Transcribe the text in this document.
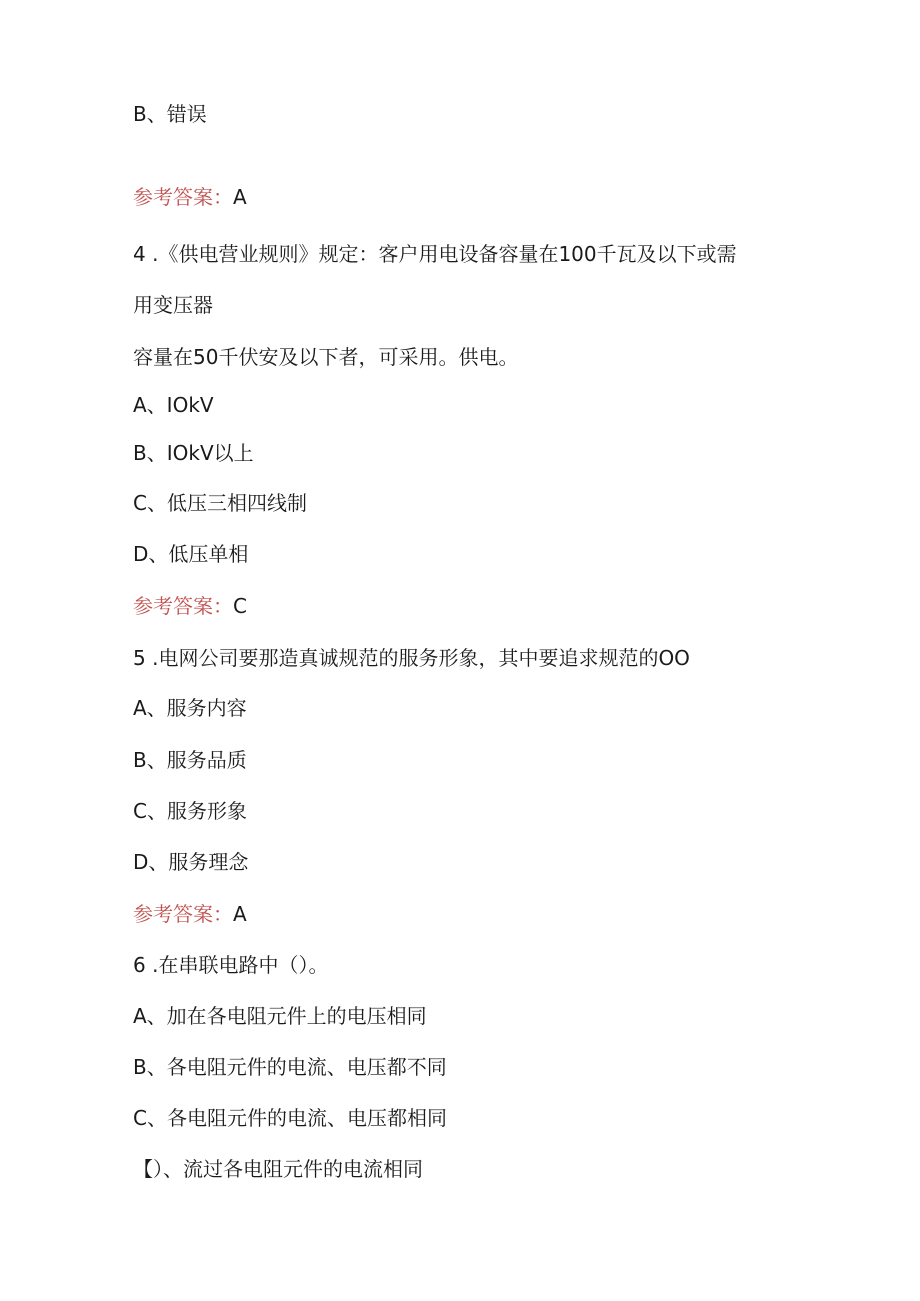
B、错误
参考答案：A
4 .《供电营业规则》规定：客户用电设备容量在100千瓦及以下或需
用变压器
容量在50千伏安及以下者，可采用。供电。
A、IOkV
B、IOkV以上
C、低压三相四线制
D、低压单相
参考答案：C
5 .电网公司要那造真诚规范的服务形象，其中要追求规范的OO
A、服务内容
B、服务品质
C、服务形象
D、服务理念
参考答案：A
6 .在串联电路中（）。
A、加在各电阻元件上的电压相同
B、各电阻元件的电流、电压都不同
C、各电阻元件的电流、电压都相同
【）、流过各电阻元件的电流相同
